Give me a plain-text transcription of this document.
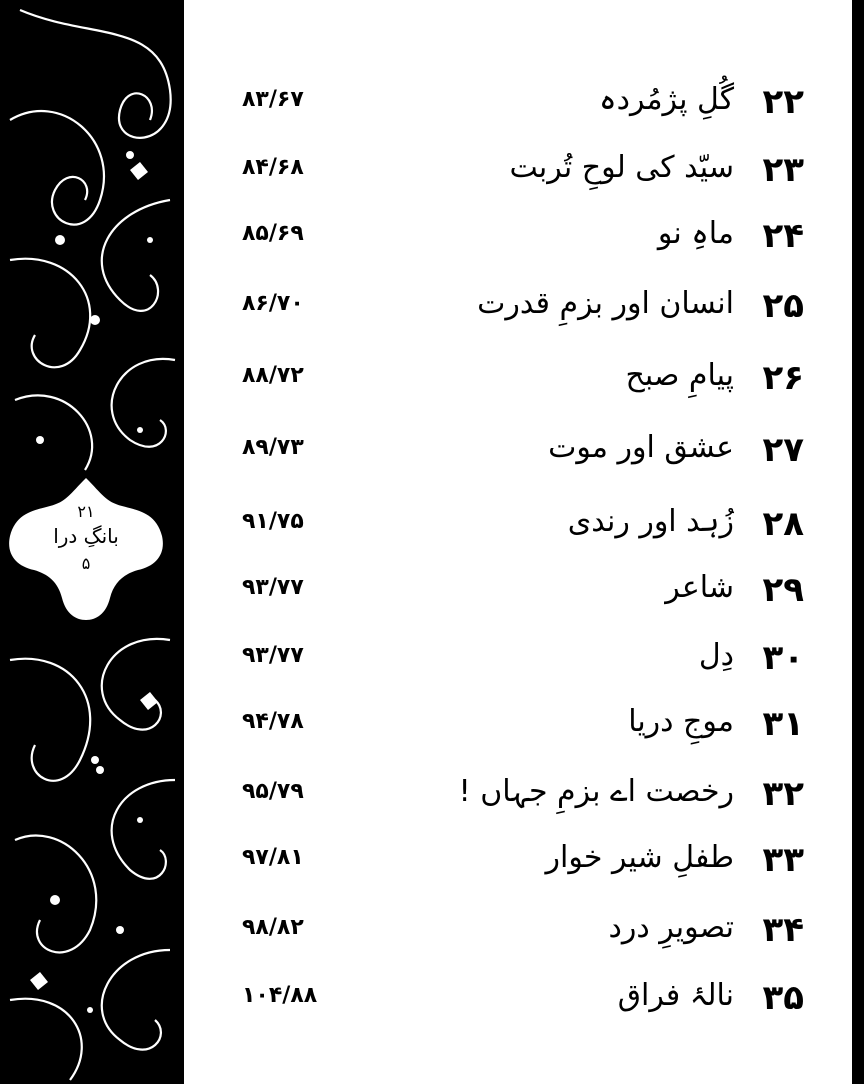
۲۱
بانگِ درا
۵
۲۲
گُلِ پژمُردہ
۸۳/۶۷
۲۳
سیّد کی لوحِ تُربت
۸۴/۶۸
۲۴
ماہِ نو
۸۵/۶۹
۲۵
انسان اور بزمِ قدرت
۸۶/۷۰
۲۶
پیامِ صبح
۸۸/۷۲
۲۷
عشق اور موت
۸۹/۷۳
۲۸
زُہد اور رندی
۹۱/۷۵
۲۹
شاعر
۹۳/۷۷
۳۰
دِل
۹۳/۷۷
۳۱
موجِ دریا
۹۴/۷۸
۳۲
رخصت اے بزمِ جہاں !
۹۵/۷۹
۳۳
طفلِ شیر خوار
۹۷/۸۱
۳۴
تصویرِ درد
۹۸/۸۲
۳۵
نالۂ فراق
۱۰۴/۸۸
